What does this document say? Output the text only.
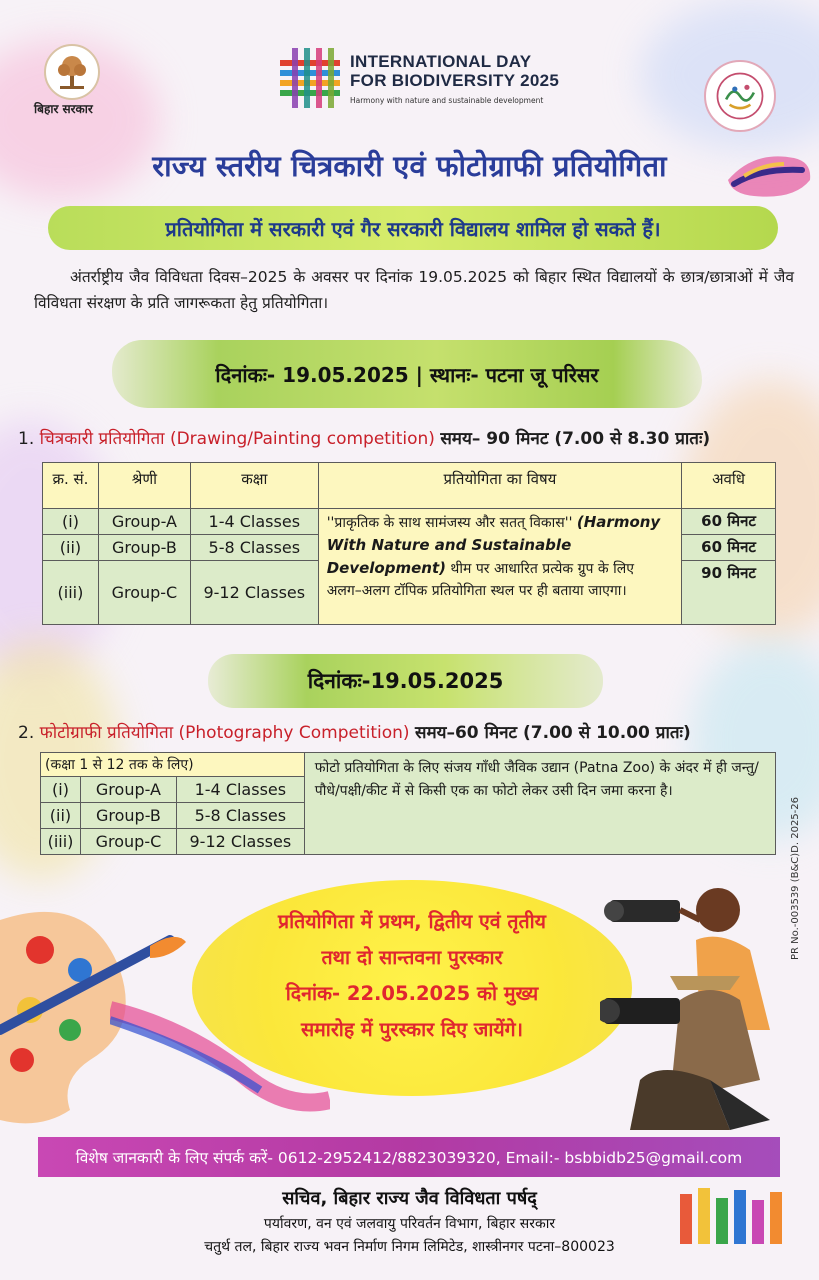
बिहार सरकार
INTERNATIONAL DAY
FOR BIODIVERSITY 2025
Harmony with nature and sustainable development
राज्य स्तरीय चित्रकारी एवं फोटोग्राफी प्रतियोगिता
प्रतियोगिता में सरकारी एवं गैर सरकारी विद्यालय शामिल हो सकते हैं।

अंतर्राष्ट्रीय जैव विविधता दिवस–2025 के अवसर पर दिनांक 19.05.2025 को बिहार स्थित विद्यालयों के छात्र/छात्राओं में जैव विविधता संरक्षण के प्रति जागरूकता हेतु प्रतियोगिता।

दिनांकः- 19.05.2025 | स्थानः- पटना जू परिसर
1. चित्रकारी प्रतियोगिता (Drawing/Painting competition) समय– 90 मिनट (7.00 से 8.30 प्रातः)
क्र. सं.	श्रेणी	कक्षा	प्रतियोगिता का विषय	अवधि
(i)	Group-A	1-4 Classes	''प्राकृतिक के साथ सामंजस्य और सतत् विकास'' (Harmony With Nature and Sustainable Development) थीम पर आधारित प्रत्येक ग्रुप के लिए अलग–अलग टॉपिक प्रतियोगिता स्थल पर ही बताया जाएगा।	60 मिनट
(ii)	Group-B	5-8 Classes		60 मिनट
(iii)	Group-C	9-12 Classes		90 मिनट
दिनांकः-19.05.2025
2. फोटोग्राफी प्रतियोगिता (Photography Competition) समय–60 मिनट (7.00 से 10.00 प्रातः)
(कक्षा 1 से 12 तक के लिए)			फोटो प्रतियोगिता के लिए संजय गाँधी जैविक उद्यान (Patna Zoo) के अंदर में ही जन्तु/पौधे/पक्षी/कीट में से किसी एक का फोटो लेकर उसी दिन जमा करना है।
(i)	Group-A	1-4 Classes	
(ii)	Group-B	5-8 Classes	
(iii)	Group-C	9-12 Classes	
प्रतियोगिता में प्रथम, द्वितीय एवं तृतीय
तथा दो सान्तवना पुरस्कार
दिनांक- 22.05.2025 को मुख्य
समारोह में पुरस्कार दिए जायेंगे।
विशेष जानकारी के लिए संपर्क करें- 0612-2952412/8823039320, Email:- bsbbidb25@gmail.com
सचिव, बिहार राज्य जैव विविधता पर्षद्
पर्यावरण, वन एवं जलवायु परिवर्तन विभाग, बिहार सरकार
चतुर्थ तल, बिहार राज्य भवन निर्माण निगम लिमिटेड, शास्त्रीनगर पटना–800023
PR No.-003539 (B&C)D. 2025-26
